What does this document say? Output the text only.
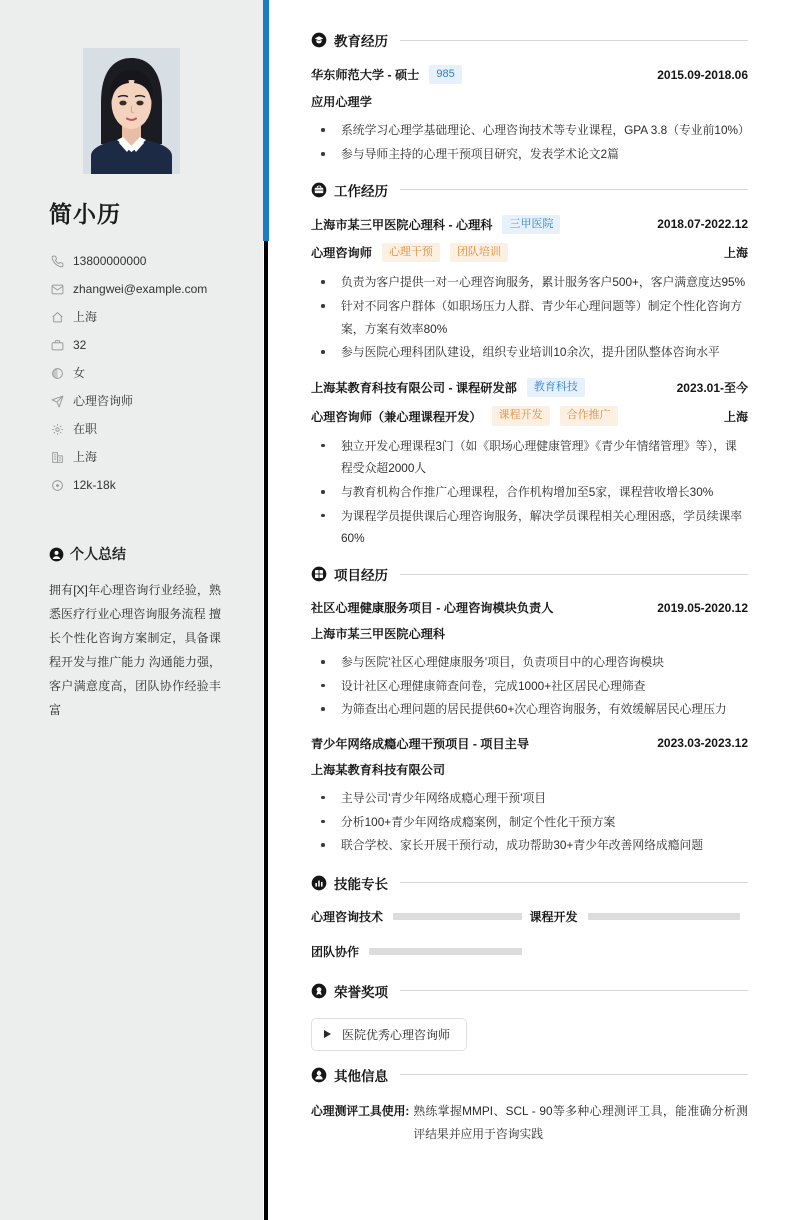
简小历
13800000000
zhangwei@example.com
上海
32
女
心理咨询师
在职
上海
12k-18k
个人总结

拥有[X]年心理咨询行业经验，熟悉医疗行业心理咨询服务流程 擅长个性化咨询方案制定，具备课程开发与推广能力 沟通能力强，客户满意度高，团队协作经验丰富

教育经历
华东师范大学 - 硕士	985	2015.09-2018.06
应用心理学
系统学习心理学基础理论、心理咨询技术等专业课程，GPA 3.8（专业前10%）
参与导师主持的心理干预项目研究，发表学术论文2篇
工作经历
上海市某三甲医院心理科 - 心理科	三甲医院	2018.07-2022.12
心理咨询师	心理干预	团队培训	上海
负责为客户提供一对一心理咨询服务，累计服务客户500+，客户满意度达95%
针对不同客户群体（如职场压力人群、青少年心理问题等）制定个性化咨询方案，方案有效率80%
参与医院心理科团队建设，组织专业培训10余次，提升团队整体咨询水平
上海某教育科技有限公司 - 课程研发部	教育科技	2023.01-至今
心理咨询师（兼心理课程开发）	课程开发	合作推广	上海
独立开发心理课程3门（如《职场心理健康管理》《青少年情绪管理》等），课程受众超2000人
与教育机构合作推广心理课程，合作机构增加至5家，课程营收增长30%
为课程学员提供课后心理咨询服务，解决学员课程相关心理困惑，学员续课率60%
项目经历
社区心理健康服务项目 - 心理咨询模块负责人	2019.05-2020.12
上海市某三甲医院心理科
参与医院'社区心理健康服务'项目，负责项目中的心理咨询模块
设计社区心理健康筛查问卷，完成1000+社区居民心理筛查
为筛查出心理问题的居民提供60+次心理咨询服务，有效缓解居民心理压力
青少年网络成瘾心理干预项目 - 项目主导	2023.03-2023.12
上海某教育科技有限公司
主导公司'青少年网络成瘾心理干预'项目
分析100+青少年网络成瘾案例，制定个性化干预方案
联合学校、家长开展干预行动，成功帮助30+青少年改善网络成瘾问题
技能专长
心理咨询技术	课程开发
团队协作
荣誉奖项
医院优秀心理咨询师
其他信息
心理测评工具使用: 熟练掌握MMPI、SCL - 90等多种心理测评工具，能准确分析测评结果并应用于咨询实践
